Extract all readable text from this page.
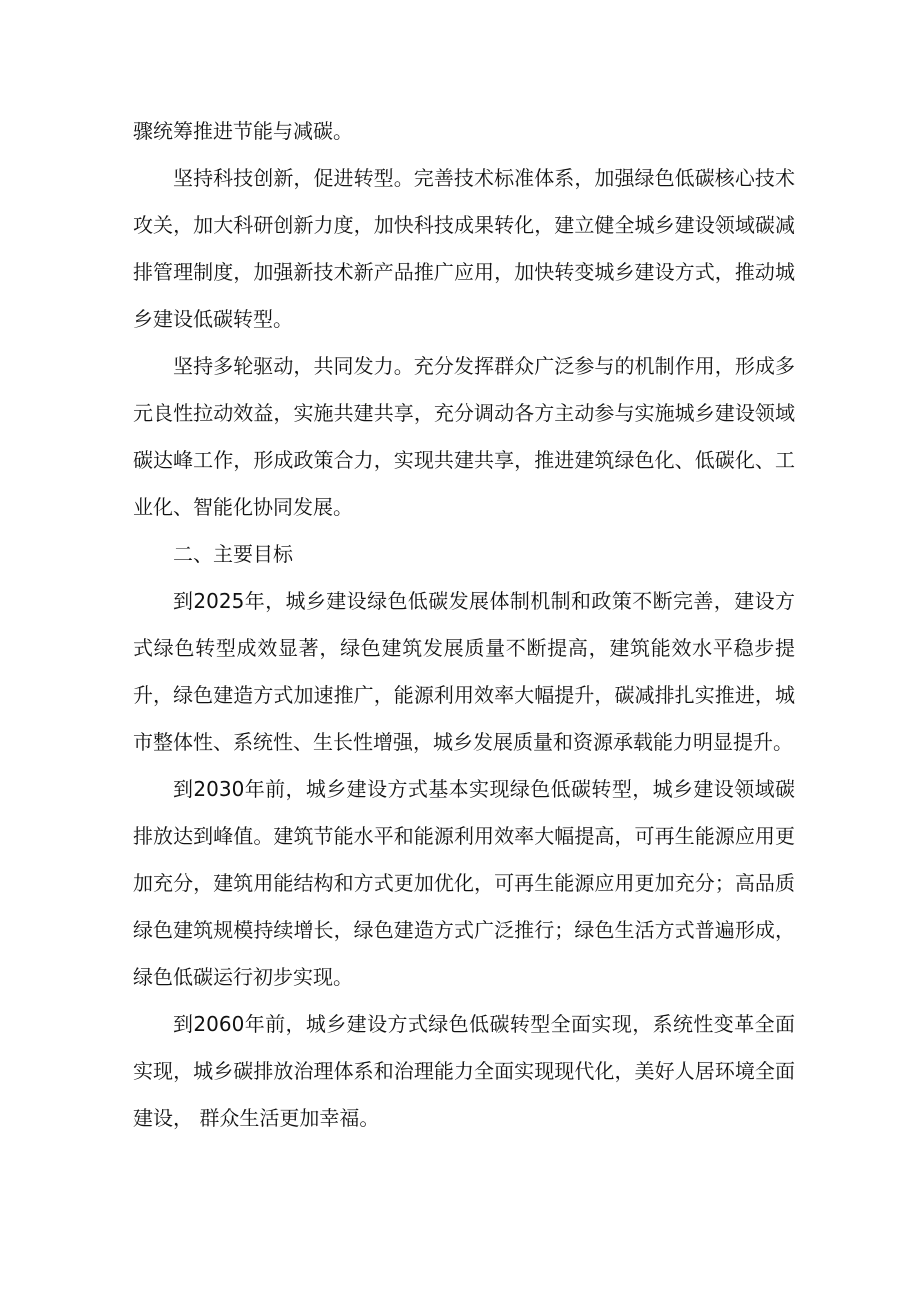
骤统筹推进节能与减碳。

坚持科技创新，促进转型。完善技术标准体系，加强绿色低碳核心技术攻关，加大科研创新力度，加快科技成果转化，建立健全城乡建设领域碳减排管理制度，加强新技术新产品推广应用，加快转变城乡建设方式，推动城乡建设低碳转型。

坚持多轮驱动，共同发力。充分发挥群众广泛参与的机制作用，形成多元良性拉动效益，实施共建共享，充分调动各方主动参与实施城乡建设领域碳达峰工作，形成政策合力，实现共建共享，推进建筑绿色化、低碳化、工业化、智能化协同发展。

二、主要目标

到2025年，城乡建设绿色低碳发展体制机制和政策不断完善，建设方式绿色转型成效显著，绿色建筑发展质量不断提高，建筑能效水平稳步提升，绿色建造方式加速推广，能源利用效率大幅提升，碳减排扎实推进，城市整体性、系统性、生长性增强，城乡发展质量和资源承载能力明显提升。

到2030年前，城乡建设方式基本实现绿色低碳转型，城乡建设领域碳排放达到峰值。建筑节能水平和能源利用效率大幅提高，可再生能源应用更加充分，建筑用能结构和方式更加优化，可再生能源应用更加充分；高品质绿色建筑规模持续增长，绿色建造方式广泛推行；绿色生活方式普遍形成，绿色低碳运行初步实现。

到2060年前，城乡建设方式绿色低碳转型全面实现，系统性变革全面实现，城乡碳排放治理体系和治理能力全面实现现代化，美好人居环境全面建设， 群众生活更加幸福。
